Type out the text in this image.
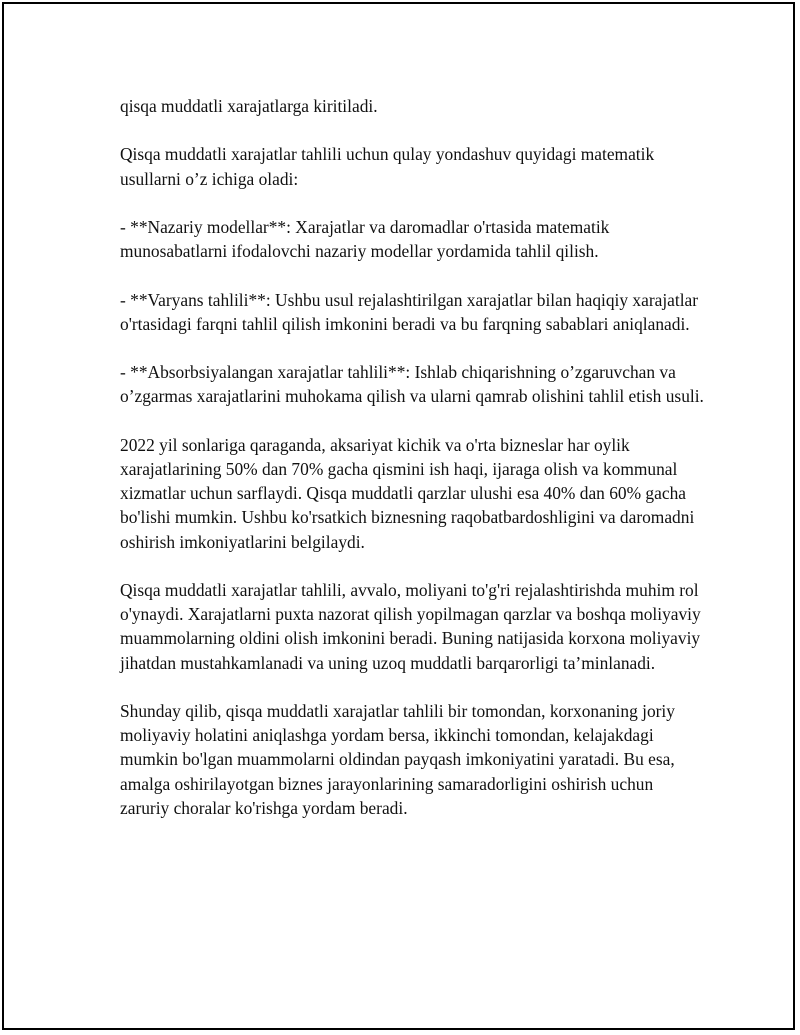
qisqa muddatli xarajatlarga kiritiladi.

Qisqa muddatli xarajatlar tahlili uchun qulay yondashuv quyidagi matematik usullarni o’z ichiga oladi:

- **Nazariy modellar**: Xarajatlar va daromadlar o'rtasida matematik munosabatlarni ifodalovchi nazariy modellar yordamida tahlil qilish.

- **Varyans tahlili**: Ushbu usul rejalashtirilgan xarajatlar bilan haqiqiy xarajatlar o'rtasidagi farqni tahlil qilish imkonini beradi va bu farqning sabablari aniqlanadi.

- **Absorbsiyalangan xarajatlar tahlili**: Ishlab chiqarishning o’zgaruvchan va o’zgarmas xarajatlarini muhokama qilish va ularni qamrab olishini tahlil etish usuli.

2022 yil sonlariga qaraganda, aksariyat kichik va o'rta bizneslar har oylik xarajatlarining 50% dan 70% gacha qismini ish haqi, ijaraga olish va kommunal xizmatlar uchun sarflaydi. Qisqa muddatli qarzlar ulushi esa 40% dan 60% gacha bo'lishi mumkin. Ushbu ko'rsatkich biznesning raqobatbardoshligini va daromadni oshirish imkoniyatlarini belgilaydi.

Qisqa muddatli xarajatlar tahlili, avvalo, moliyani to'g'ri rejalashtirishda muhim rol o'ynaydi. Xarajatlarni puxta nazorat qilish yopilmagan qarzlar va boshqa moliyaviy muammolarning oldini olish imkonini beradi. Buning natijasida korxona moliyaviy jihatdan mustahkamlanadi va uning uzoq muddatli barqarorligi ta’minlanadi.

Shunday qilib, qisqa muddatli xarajatlar tahlili bir tomondan, korxonaning joriy moliyaviy holatini aniqlashga yordam bersa, ikkinchi tomondan, kelajakdagi mumkin bo'lgan muammolarni oldindan payqash imkoniyatini yaratadi. Bu esa, amalga oshirilayotgan biznes jarayonlarining samaradorligini oshirish uchun zaruriy choralar ko'rishga yordam beradi.
